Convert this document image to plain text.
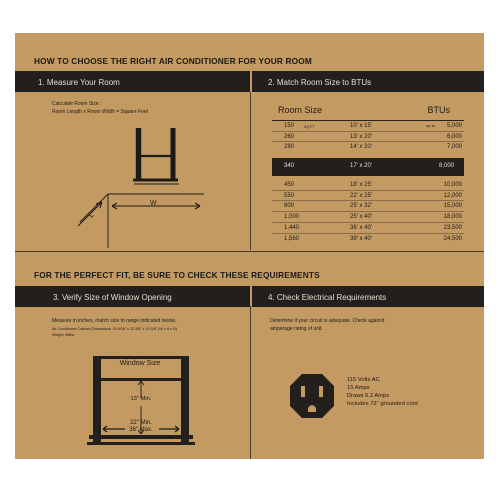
HOW TO CHOOSE THE RIGHT AIR CONDITIONER FOR YOUR ROOM
1. Measure Your Room	2. Match Room Size to BTUs
Calculate Room Size :
Room Length x Room Width = Square Feet
W
L
Room Size	BTUs
150	SQ FT	10' x 15'	up to 5,000
260	13' x 20'	6,000
280	14' x 20'	7,000
340	17' x 20'	8,000
450	18' x 25'	10,000
550	22' x 25'	12,000
800	25' x 32'	15,000
1,000	25' x 40'	18,000
1,440	36' x 40'	23,500
1,560	39' x 40'	24,500
FOR THE PERFECT FIT, BE SURE TO CHECK THESE REQUIREMENTS
3. Verify Size of Window Opening	4. Check Electrical Requirements
Measure in inches, match size to range indicated below.
Air Conditioner Cabinet Dimensions: 19 5/16" x 12 3/8" x 19 3/8" (W x H x D)
Weight: 85lbs.
Window Size
13" Min.
22" Min.
36" Max.
Determine if your circuit is adequate. Check against
amperage rating of unit.
115 Volts AC
15 Amps
Draws 6.2 Amps
Includes 72" grounded cord
